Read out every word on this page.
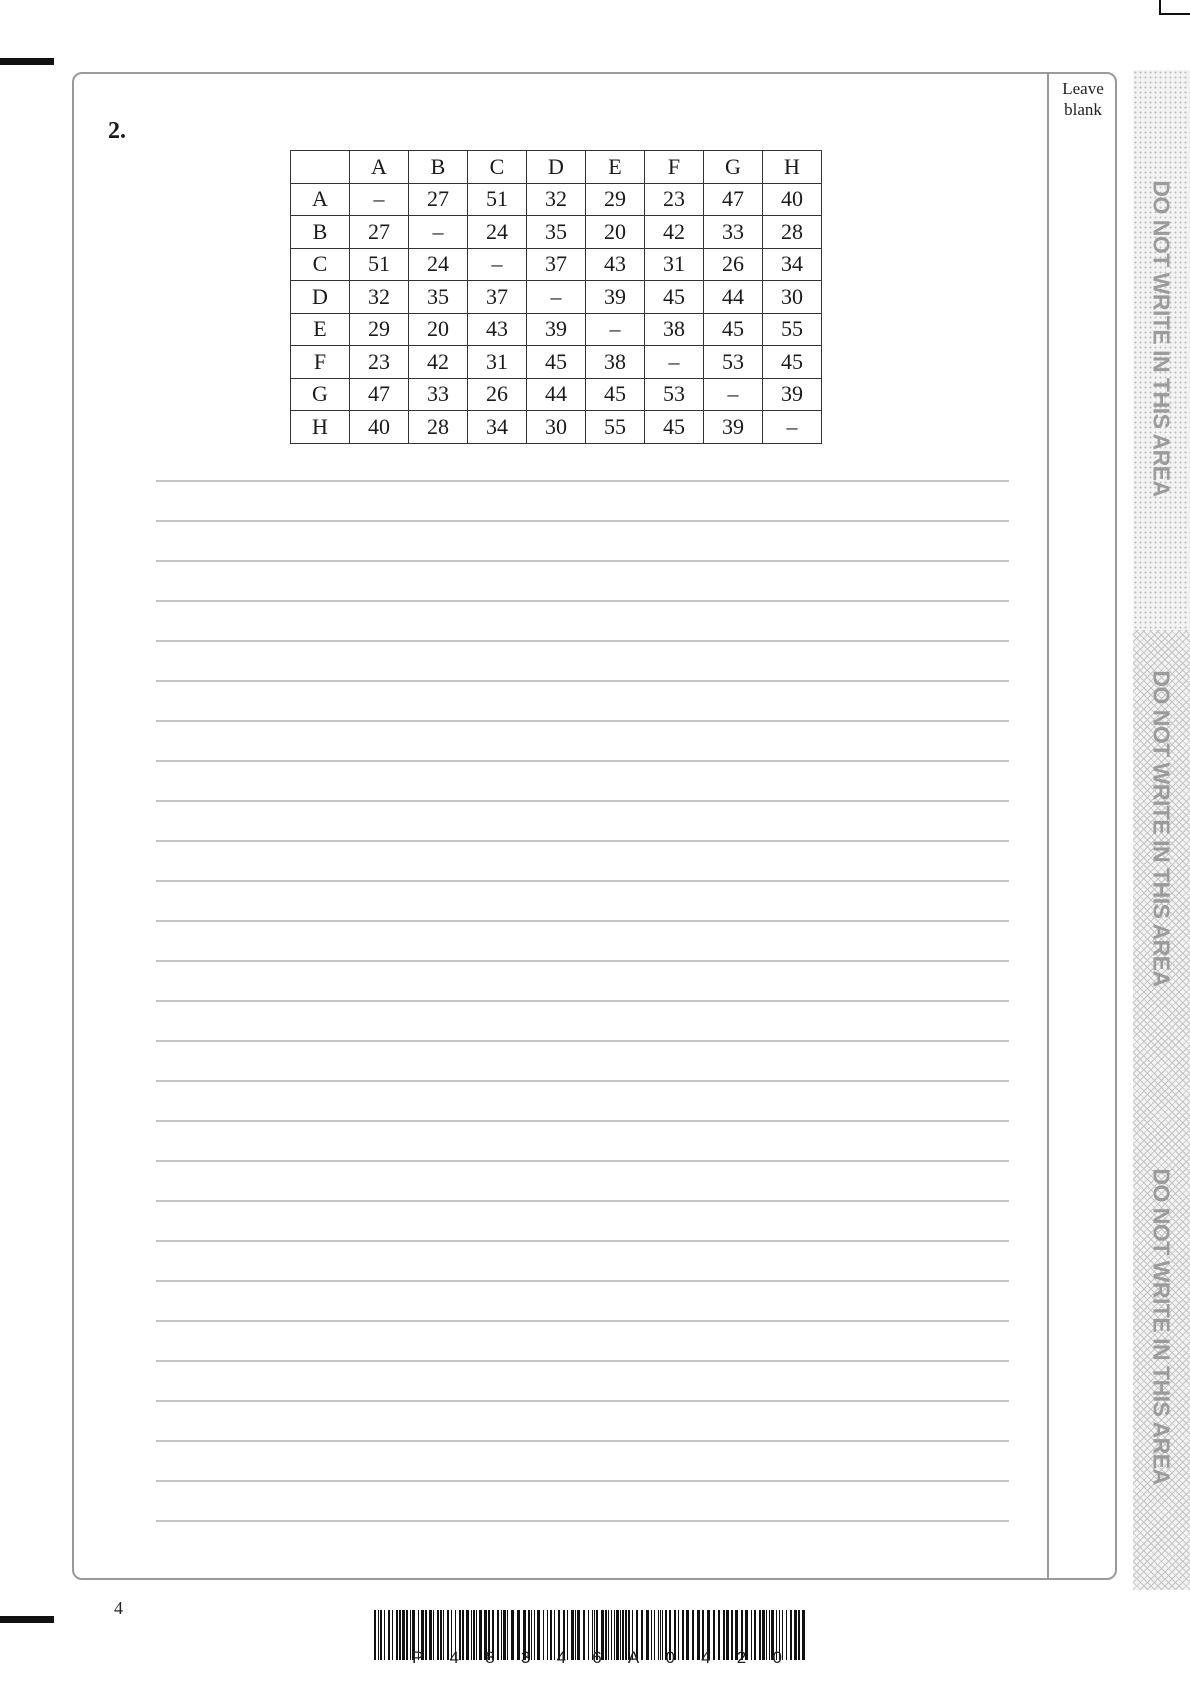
DO NOT WRITE IN THIS AREA
DO NOT WRITE IN THIS AREA
DO NOT WRITE IN THIS AREA
Leave
blank
2.
	A	B	C	D	E	F	G	H
A	–	27	51	32	29	23	47	40
B	27	–	24	35	20	42	33	28
C	51	24	–	37	43	31	26	34
D	32	35	37	–	39	45	44	30
E	29	20	43	39	–	38	45	55
F	23	42	31	45	38	–	53	45
G	47	33	26	44	45	53	–	39
H	40	28	34	30	55	45	39	–
4
P 4 8 3 4 6 A 0 4 2 0
